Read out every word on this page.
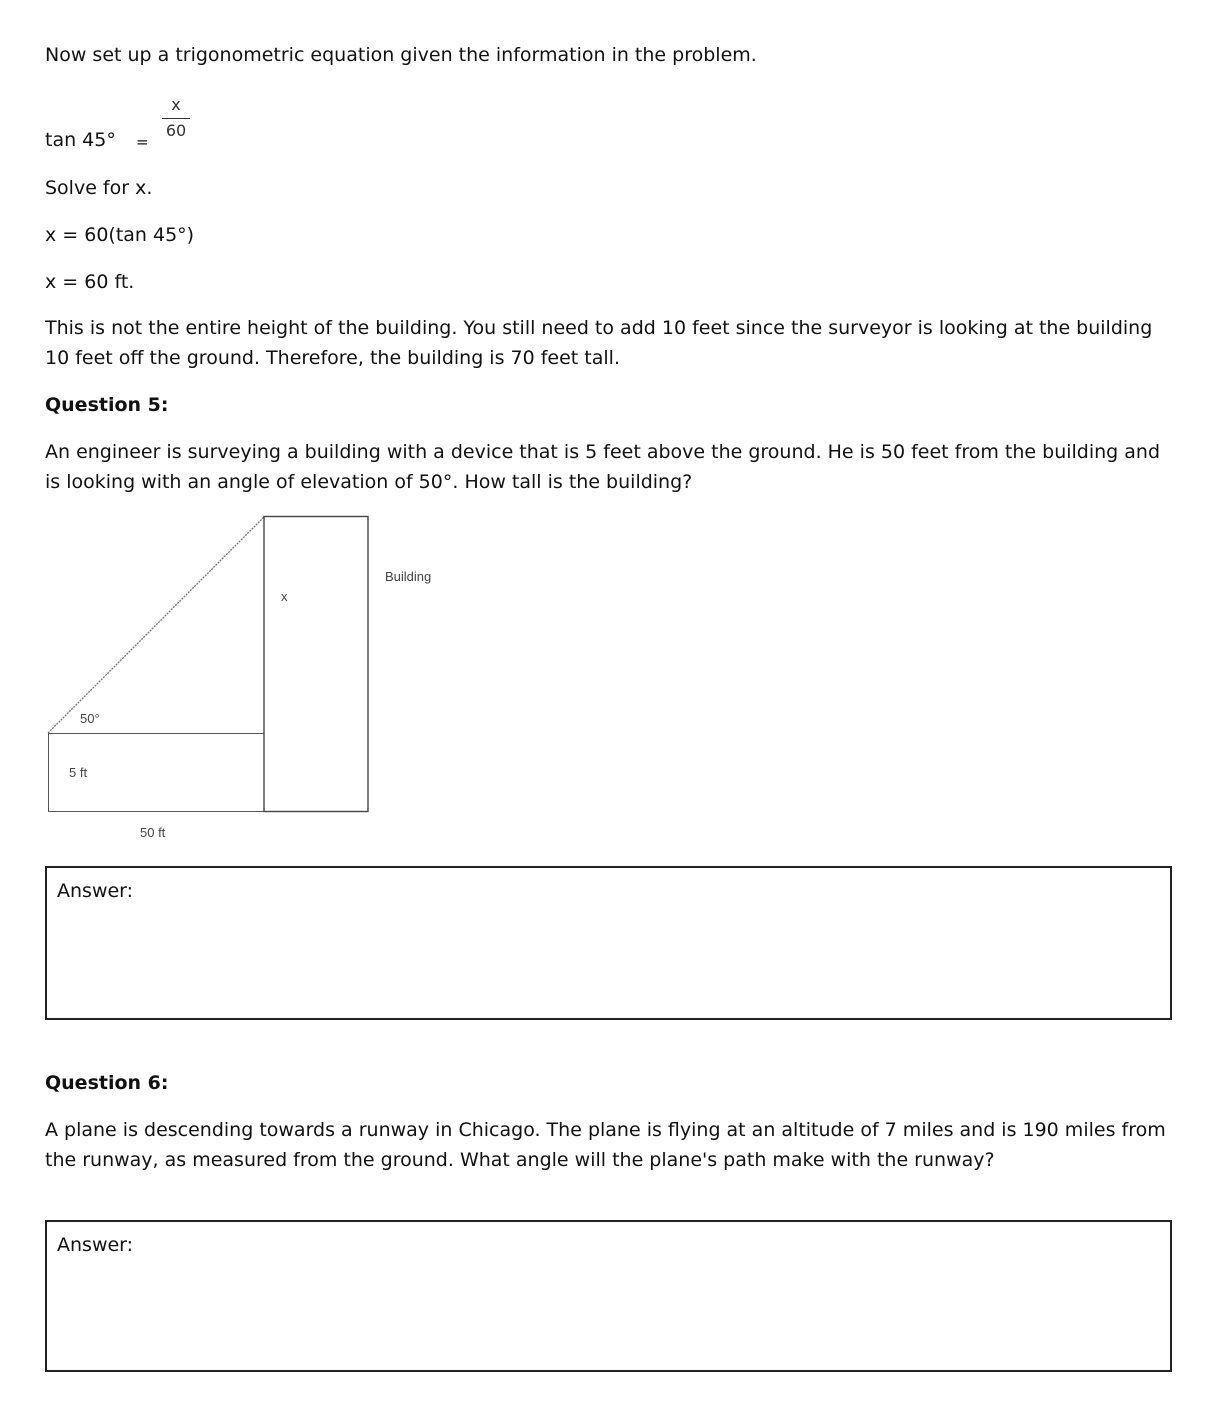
Now set up a trigonometric equation given the information in the problem.

tan 45° =
x
60

Solve for x.

x = 60(tan 45°)

x = 60 ft.

This is not the entire height of the building. You still need to add 10 feet since the surveyor is looking at the building 10 feet off the ground. Therefore, the building is 70 feet tall.

Question 5:

An engineer is surveying a building with a device that is 5 feet above the ground. He is 50 feet from the building and is looking with an angle of elevation of 50°. How tall is the building?

50°
5 ft
50 ft
x
Building
Answer:

Question 6:

A plane is descending towards a runway in Chicago. The plane is flying at an altitude of 7 miles and is 190 miles from the runway, as measured from the ground. What angle will the plane's path make with the runway?

Answer:
